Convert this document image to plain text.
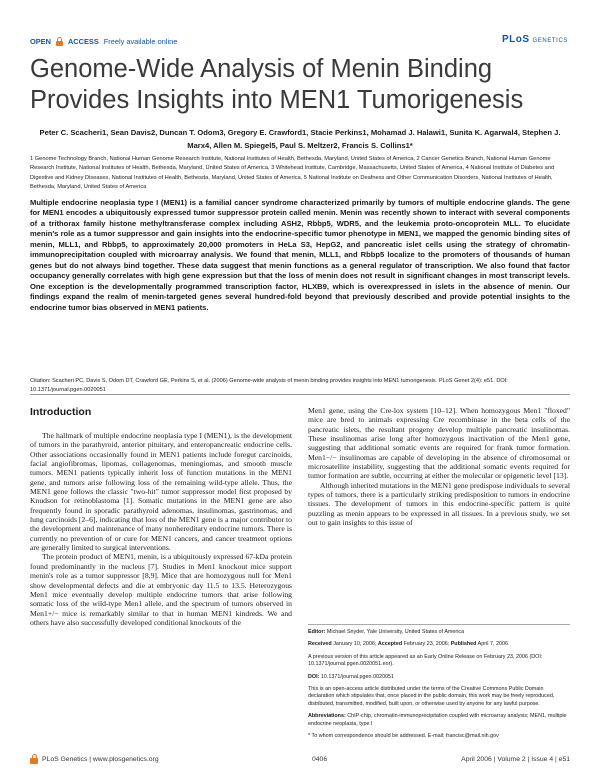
OPEN ACCESS Freely available online	PLoS GENETICS
Genome-Wide Analysis of Menin Binding Provides Insights into MEN1 Tumorigenesis
Peter C. Scacheri1, Sean Davis2, Duncan T. Odom3, Gregory E. Crawford1, Stacie Perkins1, Mohamad J. Halawi1, Sunita K. Agarwal4, Stephen J. Marx4, Allen M. Spiegel5, Paul S. Meltzer2, Francis S. Collins1*
1 Genome Technology Branch, National Human Genome Research Institute, National Institutes of Health, Bethesda, Maryland, United States of America, 2 Cancer Genetics Branch, National Human Genome Research Institute, National Institutes of Health, Bethesda, Maryland, United States of America, 3 Whitehead Institute, Cambridge, Massachusetts, United States of America, 4 National Institute of Diabetes and Digestive and Kidney Diseases, National Institutes of Health, Bethesda, Maryland, United States of America, 5 National Institute on Deafness and Other Communication Disorders, National Institutes of Health, Bethesda, Maryland, United States of America
Multiple endocrine neoplasia type I (MEN1) is a familial cancer syndrome characterized primarily by tumors of multiple endocrine glands. The gene for MEN1 encodes a ubiquitously expressed tumor suppressor protein called menin. Menin was recently shown to interact with several components of a trithorax family histone methyltransferase complex including ASH2, Rbbp5, WDR5, and the leukemia proto-oncoprotein MLL. To elucidate menin's role as a tumor suppressor and gain insights into the endocrine-specific tumor phenotype in MEN1, we mapped the genomic binding sites of menin, MLL1, and Rbbp5, to approximately 20,000 promoters in HeLa S3, HepG2, and pancreatic islet cells using the strategy of chromatin-immunoprecipitation coupled with microarray analysis. We found that menin, MLL1, and Rbbp5 localize to the promoters of thousands of human genes but do not always bind together. These data suggest that menin functions as a general regulator of transcription. We also found that factor occupancy generally correlates with high gene expression but that the loss of menin does not result in significant changes in most transcript levels. One exception is the developmentally programmed transcription factor, HLXB9, which is overexpressed in islets in the absence of menin. Our findings expand the realm of menin-targeted genes several hundred-fold beyond that previously described and provide potential insights to the endocrine tumor bias observed in MEN1 patients.
Citation: Scacheri PC, Davis S, Odom DT, Crawford GE, Perkins S, et al. (2006) Genome-wide analysis of menin binding provides insights into MEN1 tumorigenesis. PLoS Genet 2(4): e51. DOI: 10.1371/journal.pgen.0020051
Introduction

The hallmark of multiple endocrine neoplasia type I (MEN1), is the development of tumors in the parathyroid, anterior pituitary, and enteropancreatic endocrine cells. Other associations occasionally found in MEN1 patients include foregut carcinoids, facial angiofibromas, lipomas, collagenomas, meningiomas, and smooth muscle tumors. MEN1 patients typically inherit loss of function mutations in the MEN1 gene, and tumors arise following loss of the remaining wild-type allele. Thus, the MEN1 gene follows the classic "two-hit" tumor suppressor model first proposed by Knudson for retinoblastoma [1]. Somatic mutations in the MEN1 gene are also frequently found in sporadic parathyroid adenomas, insulinomas, gastrinomas, and lung carcinoids [2–6], indicating that loss of the MEN1 gene is a major contributor to the development and maintenance of many nonhereditary endocrine tumors. There is currently no prevention of or cure for MEN1 cancers, and cancer treatment options are generally limited to surgical interventions.

The protein product of MEN1, menin, is a ubiquitously expressed 67-kDa protein found predominantly in the nucleus [7]. Studies in Men1 knockout mice support menin's role as a tumor suppressor [8,9]. Mice that are homozygous null for Men1 show developmental defects and die at embryonic day 11.5 to 13.5. Heterozygous Men1 mice eventually develop multiple endocrine tumors that arise following somatic loss of the wild-type Men1 allele, and the spectrum of tumors observed in Men1+/− mice is remarkably similar to that in human MEN1 kindreds. We and others have also successfully developed conditional knockouts of the

Men1 gene, using the Cre-lox system [10–12]. When homozygous Men1 "floxed" mice are bred to animals expressing Cre recombinase in the beta cells of the pancreatic islets, the resultant progeny develop multiple pancreatic insulinomas. These insulinomas arise long after homozygous inactivation of the Men1 gene, suggesting that additional somatic events are required for frank tumor formation. Men1−/− insulinomas are capable of developing in the absence of chromosomal or microsatellite instability, suggesting that the additional somatic events required for tumor formation are subtle, occurring at either the molecular or epigenetic level [13].

Although inherited mutations in the MEN1 gene predispose individuals to several types of tumors, there is a particularly striking predisposition to tumors in endocrine tissues. The development of tumors in this endocrine-specific pattern is quite puzzling as menin appears to be expressed in all tissues. In a previous study, we set out to gain insights to this issue of

Editor: Michael Snyder, Yale University, United States of America

Received January 10, 2006; Accepted February 23, 2006; Published April 7, 2006

A previous version of this article appeared as an Early Online Release on February 23, 2006 (DOI: 10.1371/journal.pgen.0020051.eor).

DOI: 10.1371/journal.pgen.0020051

This is an open-access article distributed under the terms of the Creative Commons Public Domain declaration which stipulates that, once placed in the public domain, this work may be freely reproduced, distributed, transmitted, modified, built upon, or otherwise used by anyone for any lawful purpose.

Abbreviations: ChIP-chip, chromatin-immunoprecipitation coupled with microarray analysis; MEN1, multiple endocrine neoplasia, type I

* To whom correspondence should be addressed. E-mail: francisc@mail.nih.gov

PLoS Genetics | www.plosgenetics.org	0406	April 2006 | Volume 2 | Issue 4 | e51
